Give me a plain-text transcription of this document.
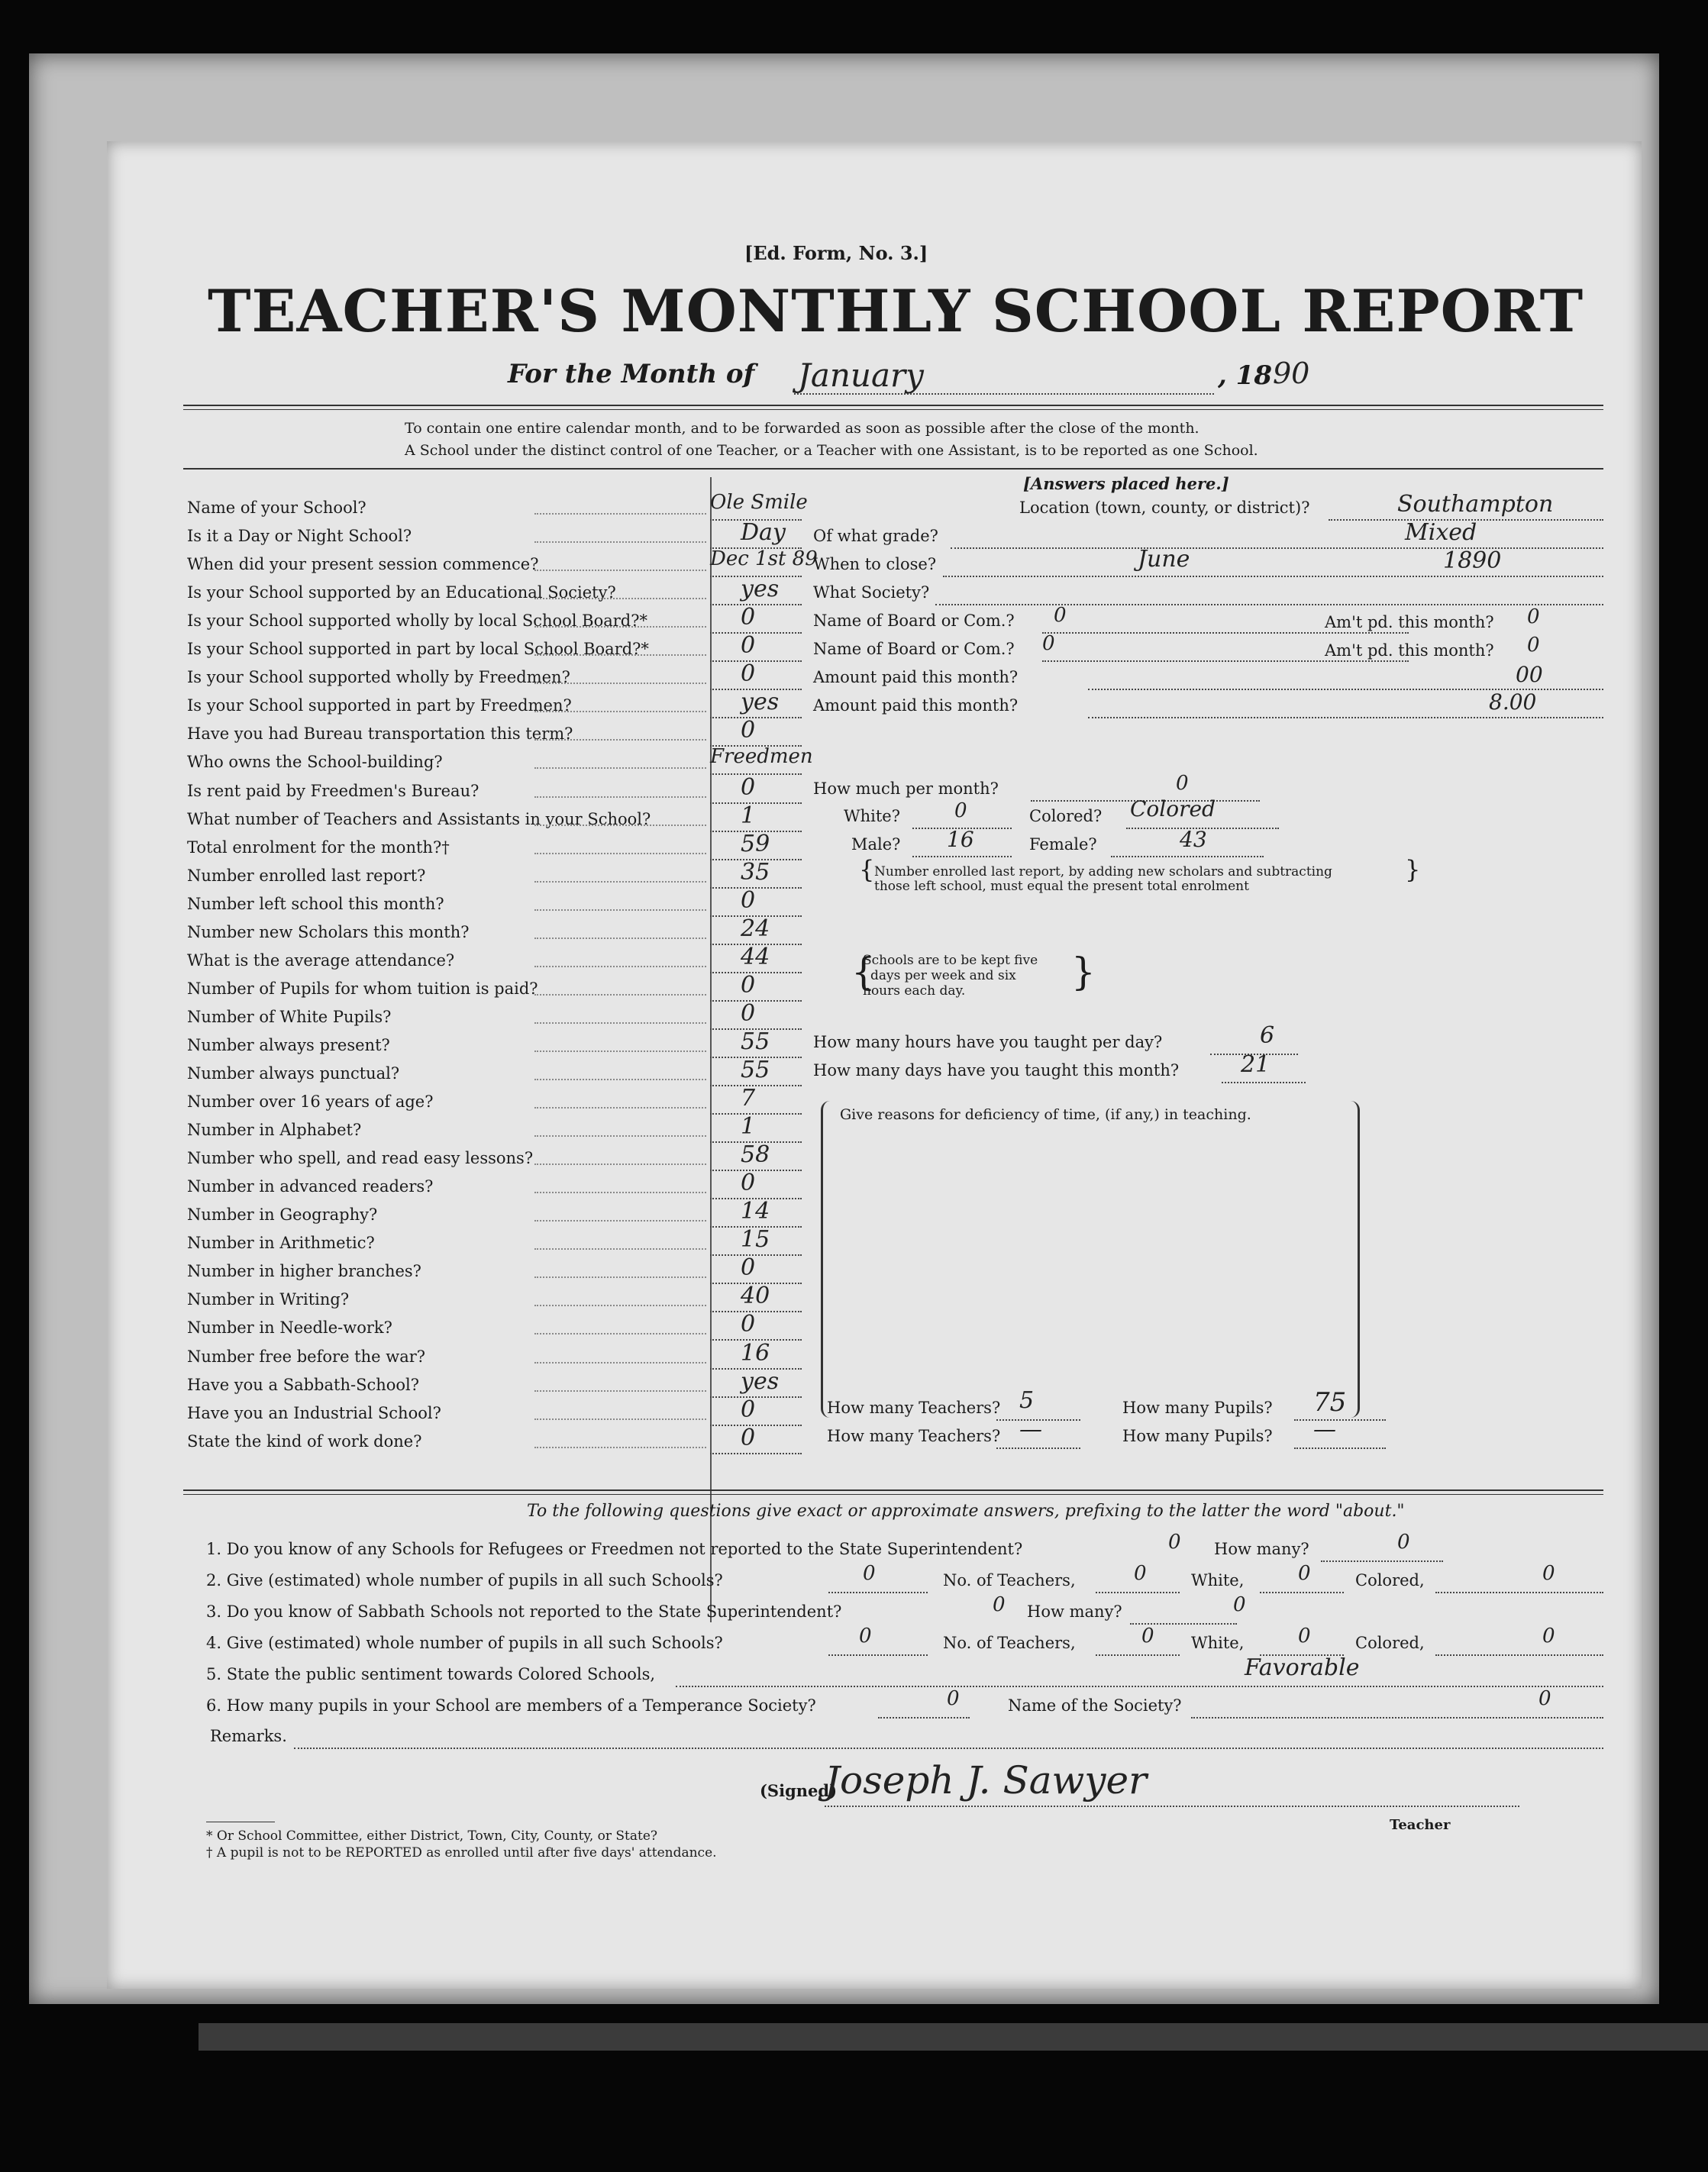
[Ed. Form, No. 3.]
TEACHER'S MONTHLY SCHOOL REPORT
For the Month of January	, 18 90
To contain one entire calendar month, and to be forwarded as soon as possible after the close of the month.
A School under the distinct control of one Teacher, or a Teacher with one Assistant, is to be reported as one School.
[Answers placed here.]
Name of your School?	Ole Smile
Is it a Day or Night School?	Day
When did your present session commence?	Dec 1st 89
Is your School supported by an Educational Society?	yes
Is your School supported wholly by local School Board?*	0
Is your School supported in part by local School Board?*	0
Is your School supported wholly by Freedmen?	0
Is your School supported in part by Freedmen?	yes
Have you had Bureau transportation this term?	0
Who owns the School-building?	Freedmen
Is rent paid by Freedmen's Bureau?	0
What number of Teachers and Assistants in your School?	1
Total enrolment for the month?†	59
Number enrolled last report?	35
Number left school this month?	0
Number new Scholars this month?	24
What is the average attendance?	44
Number of Pupils for whom tuition is paid?	0
Number of White Pupils?	0
Number always present?	55
Number always punctual?	55
Number over 16 years of age?	7
Number in Alphabet?	1
Number who spell, and read easy lessons?	58
Number in advanced readers?	0
Number in Geography?	14
Number in Arithmetic?	15
Number in higher branches?	0
Number in Writing?	40
Number in Needle-work?	0
Number free before the war?	16
Have you a Sabbath-School?	yes
Have you an Industrial School?	0
State the kind of work done?	0
Location (town, county, or district)?	Southampton
Of what grade?	Mixed
When to close?	June	1890
What Society?
Name of Board or Com.? 0	Am't pd. this month? 0
Name of Board or Com.? 0	Am't pd. this month? 0
Amount paid this month?	00
Amount paid this month?	8.00
How much per month?	0
White?	0	Colored? Colored
Male? 16	Female?	43
{ Number enrolled last report, by adding new scholars and subtracting
those left school, must equal the present total enrolment
}
Schools are to be kept five
days per week and six
hours each day.
{	}
How many hours have you taught per day?	6
How many days have you taught this month?	21
Give reasons for deficiency of time, (if any,) in teaching.
How many Teachers? 5	How many Pupils? 75
How many Teachers? —	How many Pupils? —
To the following questions give exact or approximate answers, prefixing to the latter the word "about."
1. Do you know of any Schools for Refugees or Freedmen not reported to the State Superintendent?	0 How many?	0
2. Give (estimated) whole number of pupils in all such Schools?	0	No. of Teachers,	0	White,	0	Colored,	0
3. Do you know of Sabbath Schools not reported to the State Superintendent?	0 How many?	0
4. Give (estimated) whole number of pupils in all such Schools?	0	No. of Teachers,	0 White,	0	Colored,	0
5. State the public sentiment towards Colored Schools,	Favorable
6. How many pupils in your School are members of a Temperance Society?	0	Name of the Society?	0
Remarks.
(Signed)
Joseph J. Sawyer
Teacher
* Or School Committee, either District, Town, City, County, or State?
† A pupil is not to be REPORTED as enrolled until after five days' attendance.
